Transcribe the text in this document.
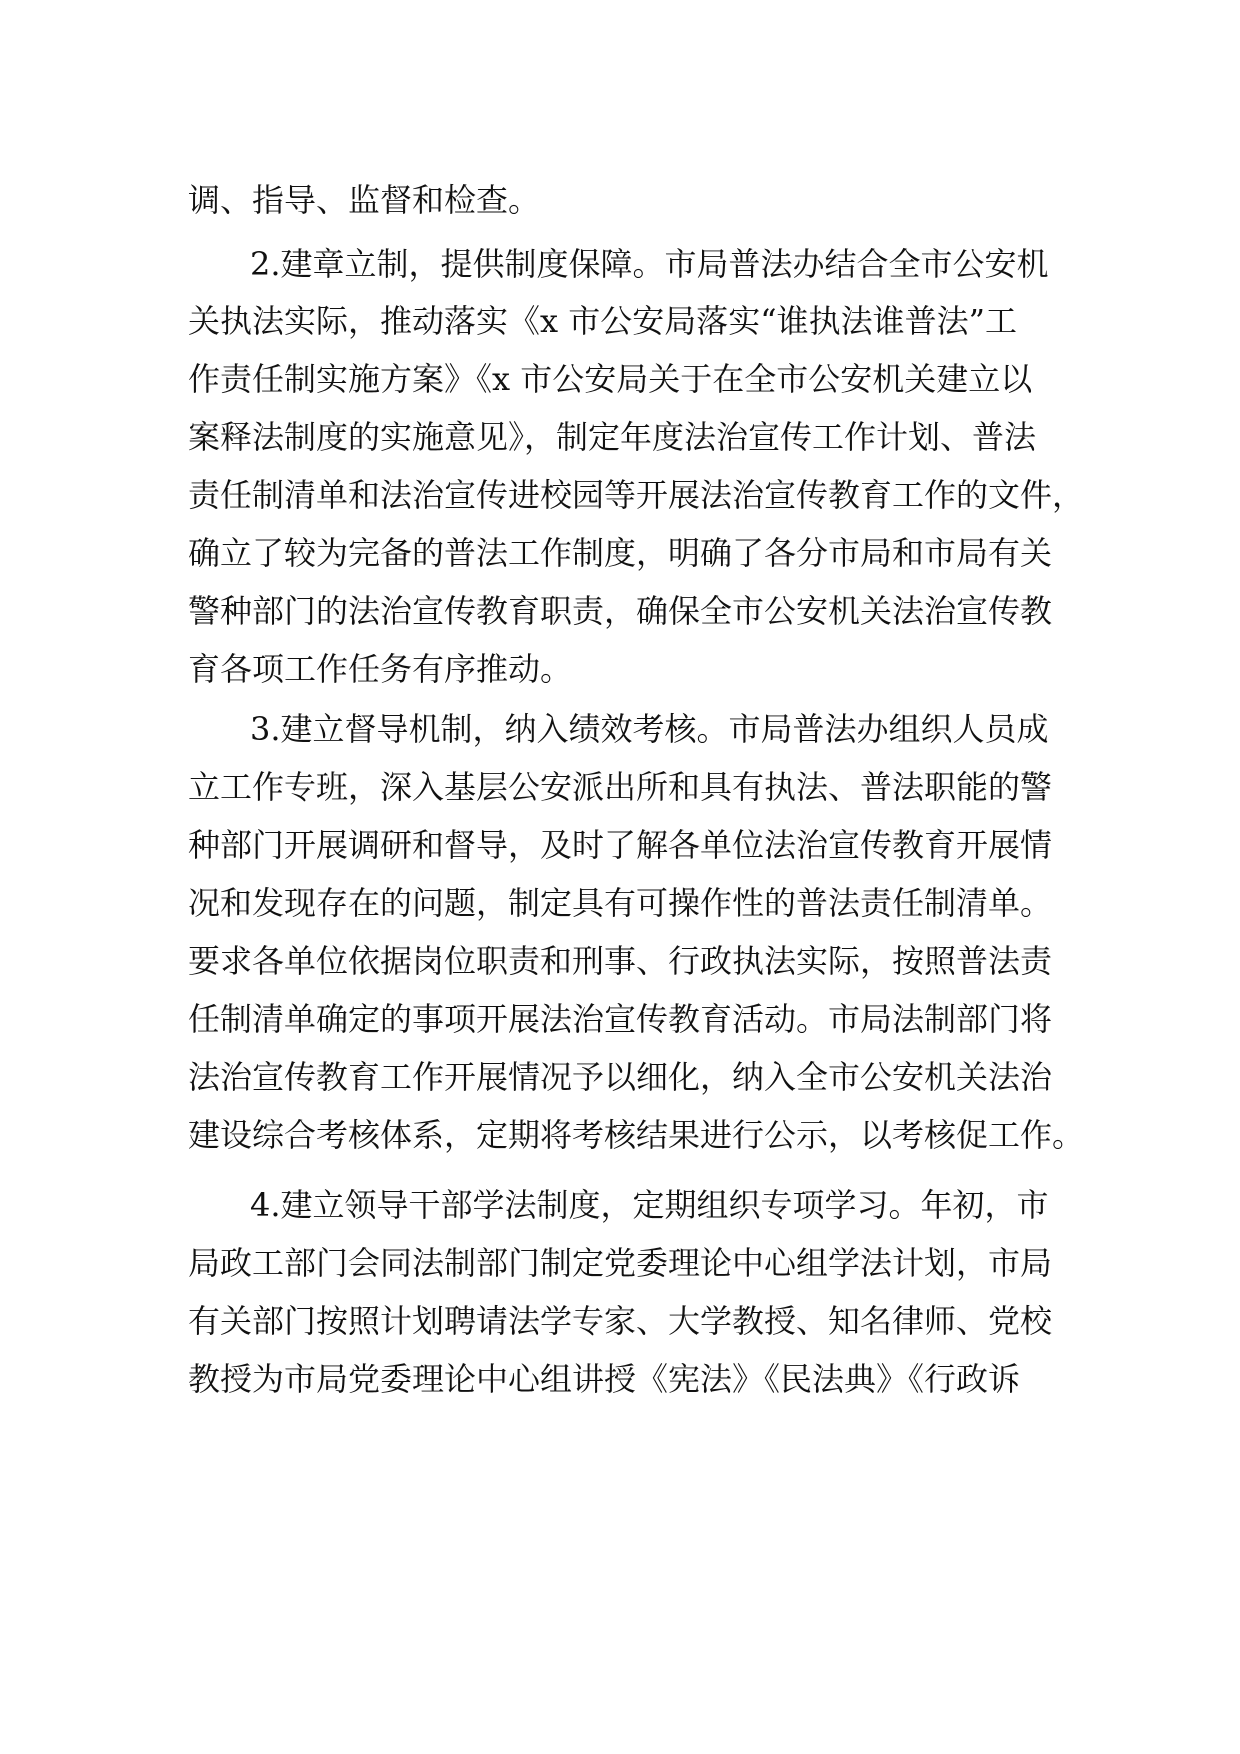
调、指导、监督和检查。

2.建章立制，提供制度保障。市局普法办结合全市公安机

关执法实际，推动落实《x 市公安局落实“谁执法谁普法”工

作责任制实施方案》《x 市公安局关于在全市公安机关建立以

案释法制度的实施意见》，制定年度法治宣传工作计划、普法

责任制清单和法治宣传进校园等开展法治宣传教育工作的文件，

确立了较为完备的普法工作制度，明确了各分市局和市局有关

警种部门的法治宣传教育职责，确保全市公安机关法治宣传教

育各项工作任务有序推动。

3.建立督导机制，纳入绩效考核。市局普法办组织人员成

立工作专班，深入基层公安派出所和具有执法、普法职能的警

种部门开展调研和督导，及时了解各单位法治宣传教育开展情

况和发现存在的问题，制定具有可操作性的普法责任制清单。

要求各单位依据岗位职责和刑事、行政执法实际，按照普法责

任制清单确定的事项开展法治宣传教育活动。市局法制部门将

法治宣传教育工作开展情况予以细化，纳入全市公安机关法治

建设综合考核体系，定期将考核结果进行公示，以考核促工作。

4.建立领导干部学法制度，定期组织专项学习。年初，市

局政工部门会同法制部门制定党委理论中心组学法计划，市局

有关部门按照计划聘请法学专家、大学教授、知名律师、党校

教授为市局党委理论中心组讲授《宪法》《民法典》《行政诉
